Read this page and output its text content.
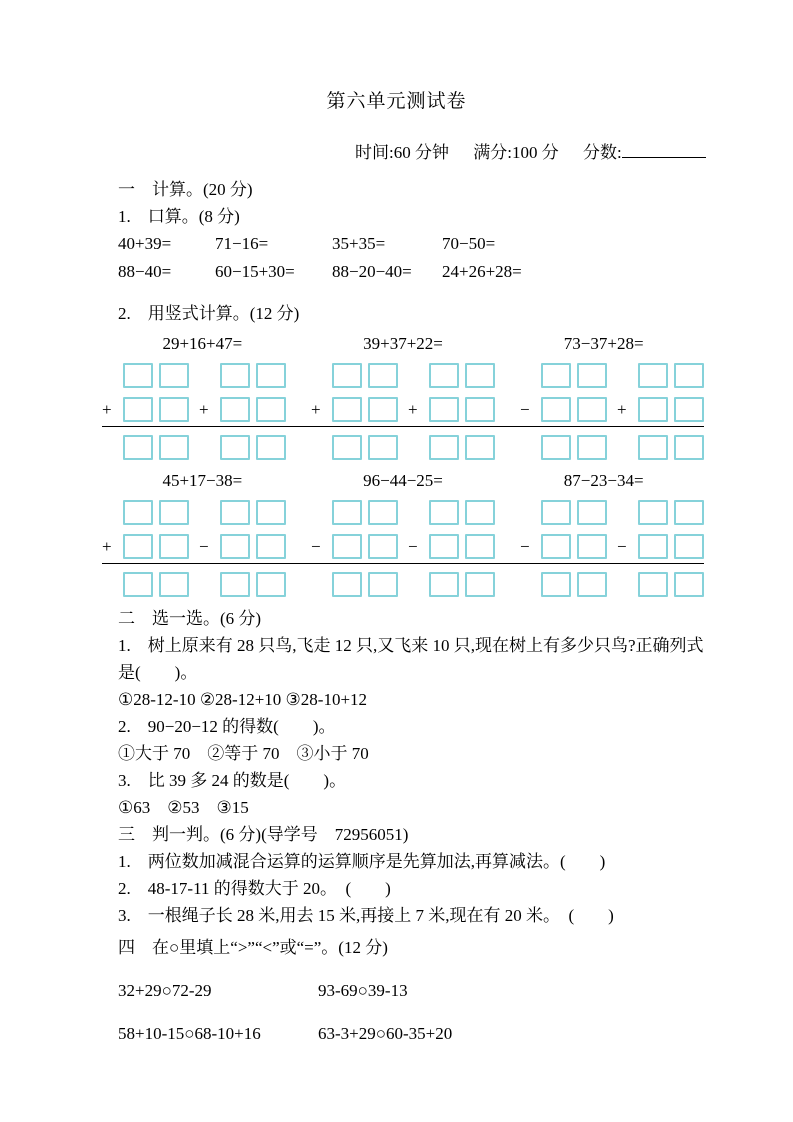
第六单元测试卷
时间:60 分钟 满分:100 分 分数:
一　计算。(20 分)
1.　口算。(8 分)
40+39=	71−16=	35+35=	70−50=
88−40=	60−15+30=	88−20−40=	24+26+28=
2.　用竖式计算。(12 分)
29+16+47=	39+37+22=	73−37+28=
+	+	+	+	−	+
45+17−38=	96−44−25=	87−23−34=
+	−	−	−	−	−
二　选一选。(6 分)
1.　树上原来有 28 只鸟,飞走 12 只,又飞来 10 只,现在树上有多少只鸟?正确列式是(　　)。
①28-12-10 ②28-12+10 ③28-10+12
2.　90−20−12 的得数(　　)。
①大于 70　②等于 70　③小于 70
3.　比 39 多 24 的数是(　　)。
①63　②53　③15
三　判一判。(6 分)(导学号　72956051)
1.　两位数加减混合运算的运算顺序是先算加法,再算减法。(　　)
2.　48-17-11 的得数大于 20。　(　　)
3.　一根绳子长 28 米,用去 15 米,再接上 7 米,现在有 20 米。　(　　)
四　在○里填上“>”“<”或“=”。(12 分)
32+29○72-29	93-69○39-13
58+10-15○68-10+16	63-3+29○60-35+20
